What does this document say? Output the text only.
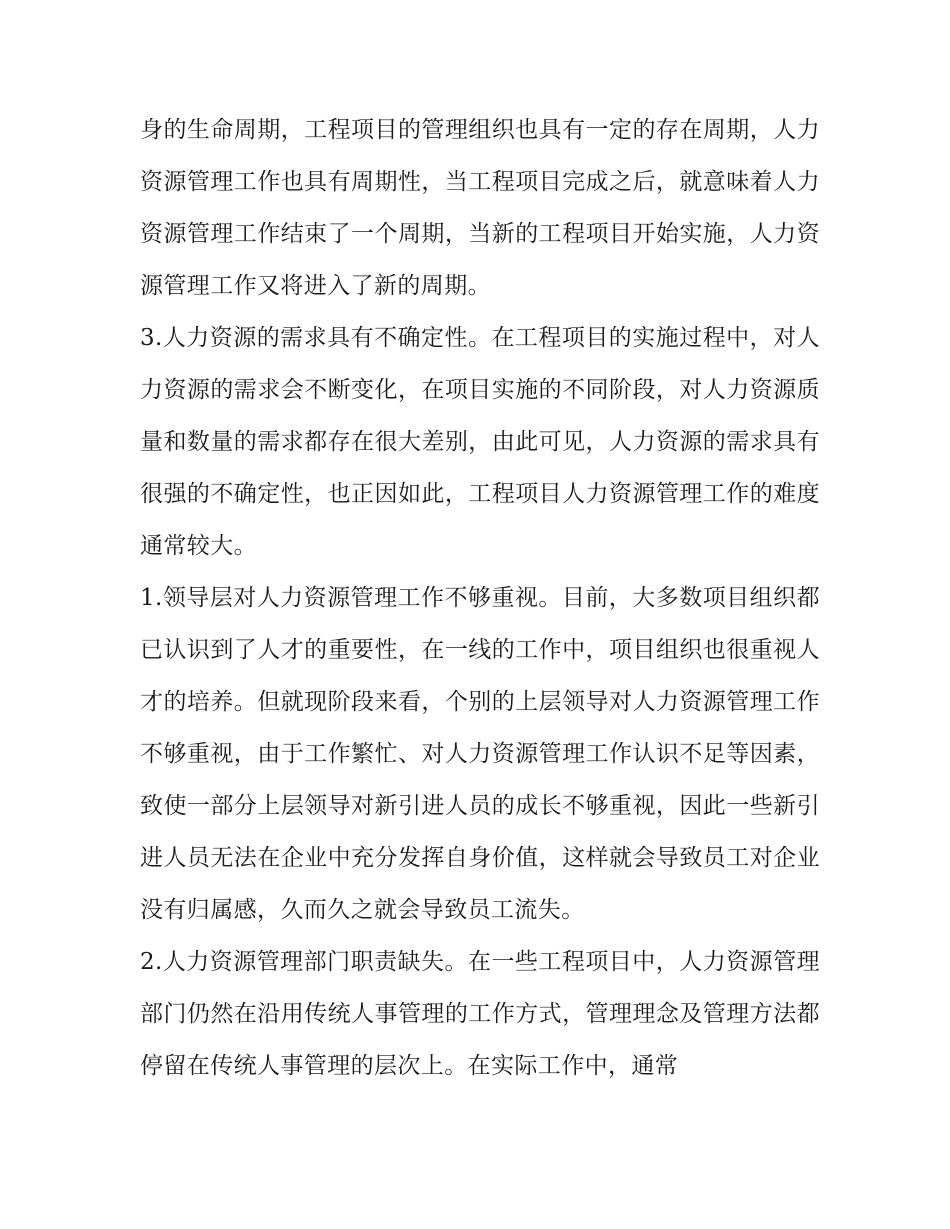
身的生命周期，工程项目的管理组织也具有一定的存在周期，人力资源管理工作也具有周期性，当工程项目完成之后，就意味着人力资源管理工作结束了一个周期，当新的工程项目开始实施，人力资源管理工作又将进入了新的周期。

3.人力资源的需求具有不确定性。在工程项目的实施过程中，对人力资源的需求会不断变化，在项目实施的不同阶段，对人力资源质量和数量的需求都存在很大差别，由此可见，人力资源的需求具有很强的不确定性，也正因如此，工程项目人力资源管理工作的难度通常较大。

1.领导层对人力资源管理工作不够重视。目前，大多数项目组织都已认识到了人才的重要性，在一线的工作中，项目组织也很重视人才的培养。但就现阶段来看，个别的上层领导对人力资源管理工作不够重视，由于工作繁忙、对人力资源管理工作认识不足等因素，致使一部分上层领导对新引进人员的成长不够重视，因此一些新引进人员无法在企业中充分发挥自身价值，这样就会导致员工对企业没有归属感，久而久之就会导致员工流失。

2.人力资源管理部门职责缺失。在一些工程项目中，人力资源管理部门仍然在沿用传统人事管理的工作方式，管理理念及管理方法都停留在传统人事管理的层次上。在实际工作中，通常
